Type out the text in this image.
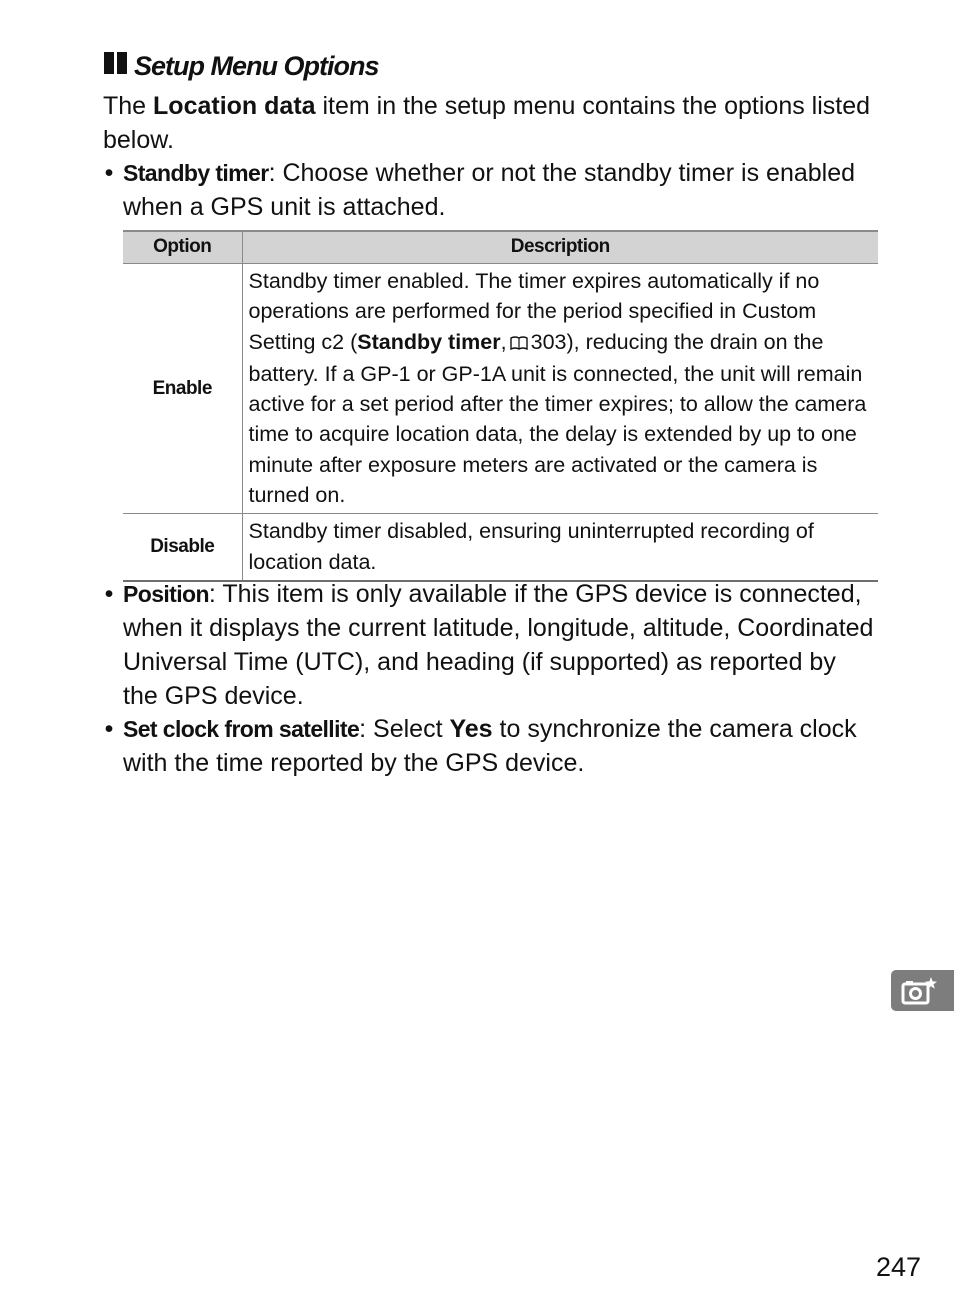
Setup Menu Options

The Location data item in the setup menu contains the options listed below.

• Standby timer: Choose whether or not the standby timer is enabled when a GPS unit is attached.

Option	Description
Enable	Standby timer enabled. The timer expires automatically if no operations are performed for the period specified in Custom Setting c2 (Standby timer, 303), reducing the drain on the battery. If a GP-1 or GP-1A unit is connected, the unit will remain active for a set period after the timer expires; to allow the camera time to acquire location data, the delay is extended by up to one minute after exposure meters are activated or the camera is turned on.
Disable	Standby timer disabled, ensuring uninterrupted recording of location data.

• Position: This item is only available if the GPS device is connected, when it displays the current latitude, longitude, altitude, Coordinated Universal Time (UTC), and heading (if supported) as reported by the GPS device.

• Set clock from satellite: Select Yes to synchronize the camera clock with the time reported by the GPS device.

247
